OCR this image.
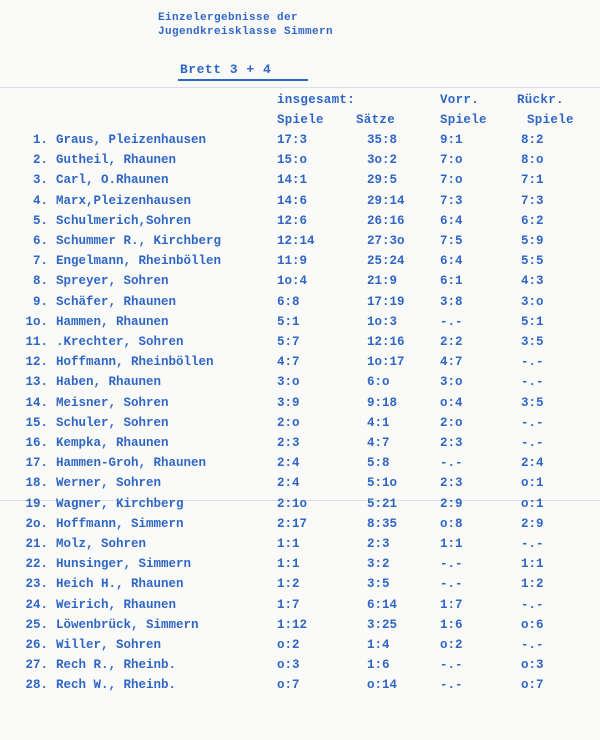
Einzelergebnisse der
Jugendkreisklasse Simmern
Brett 3 + 4
insgesamt:	Vorr.	Rückr.
Spiele	Sätze	Spiele	Spiele
1. Graus, Pleizenhausen	17:3	35:8	9:1	8:2
2. Gutheil, Rhaunen	15:o	3o:2	7:o	8:o
3. Carl, O.Rhaunen	14:1	29:5	7:o	7:1
4. Marx,Pleizenhausen	14:6	29:14	7:3	7:3
5. Schulmerich,Sohren	12:6	26:16	6:4	6:2
6. Schummer R., Kirchberg	12:14	27:3o	7:5	5:9
7. Engelmann, Rheinböllen	11:9	25:24	6:4	5:5
8. Spreyer, Sohren	1o:4	21:9	6:1	4:3
9. Schäfer, Rhaunen	6:8	17:19	3:8	3:o
1o. Hammen, Rhaunen	5:1	1o:3	-.-	5:1
11. .Krechter, Sohren	5:7	12:16	2:2	3:5
12. Hoffmann, Rheinböllen	4:7	1o:17	4:7	-.-
13. Haben, Rhaunen	3:o	6:o	3:o	-.-
14. Meisner, Sohren	3:9	9:18	o:4	3:5
15. Schuler, Sohren	2:o	4:1	2:o	-.-
16. Kempka, Rhaunen	2:3	4:7	2:3	-.-
17. Hammen-Groh, Rhaunen	2:4	5:8	-.-	2:4
18. Werner, Sohren	2:4	5:1o	2:3	o:1
19. Wagner, Kirchberg	2:1o	5:21	2:9	o:1
2o. Hoffmann, Simmern	2:17	8:35	o:8	2:9
21. Molz, Sohren	1:1	2:3	1:1	-.-
22. Hunsinger, Simmern	1:1	3:2	-.-	1:1
23. Heich H., Rhaunen	1:2	3:5	-.-	1:2
24. Weirich, Rhaunen	1:7	6:14	1:7	-.-
25. Löwenbrück, Simmern	1:12	3:25	1:6	o:6
26. Willer, Sohren	o:2	1:4	o:2	-.-
27. Rech R., Rheinb.	o:3	1:6	-.-	o:3
28. Rech W., Rheinb.	o:7	o:14	-.-	o:7
